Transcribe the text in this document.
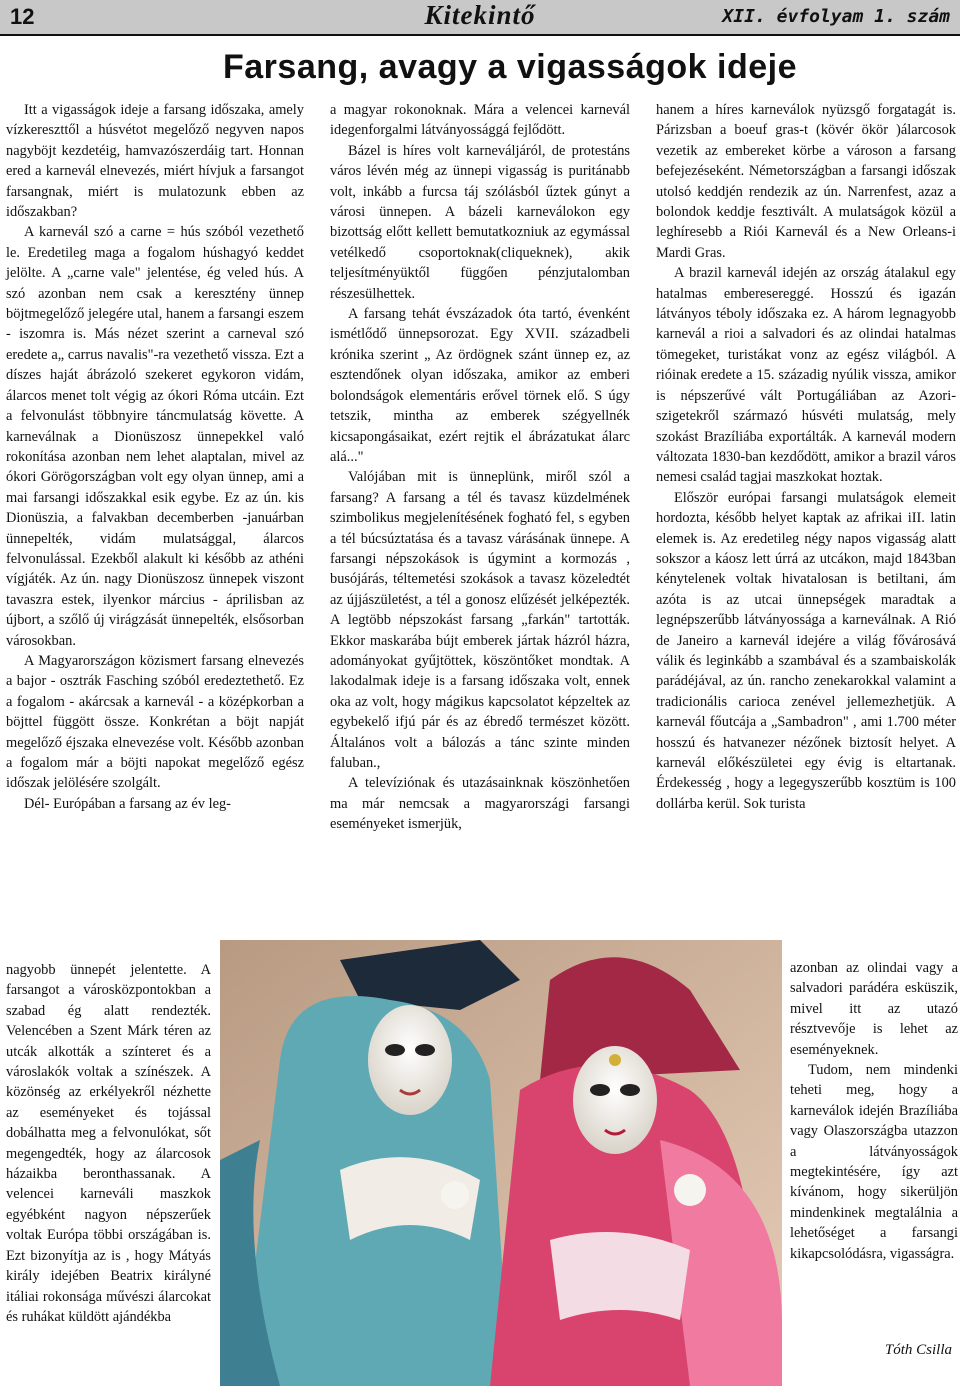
12	Kitekintő	XII. évfolyam 1. szám
Farsang, avagy a vigasságok ideje

Itt a vigasságok ideje a farsang időszaka, amely vízkereszttől a húsvétot megelőző negyven napos nagyböjt kezdetéig, hamvazószerdáig tart. Honnan ered a karnevál elnevezés, miért hívjuk a farsangot farsangnak, miért is mulatozunk ebben az időszakban?

A karnevál szó a carne = hús szóból vezethető le. Eredetileg maga a fogalom húshagyó keddet jelölte. A „carne vale" jelentése, ég veled hús. A szó azonban nem csak a keresztény ünnep böjtmegelőző jelegére utal, hanem a farsangi eszem - iszomra is. Más nézet szerint a carneval szó eredete a„ carrus navalis"-ra vezethető vissza. Ezt a díszes haját ábrázoló szekeret egykoron vidám, álarcos menet tolt végig az ókori Róma utcáin. Ezt a felvonulást többnyire táncmulatság követte. A karneválnak a Dionüszosz ünnepekkel való rokonítása azonban nem lehet alaptalan, mivel az ókori Görögországban volt egy olyan ünnep, ami a mai farsangi időszakkal esik egybe. Ez az ún. kis Dionüszia, a falvakban decemberben -januárban ünnepelték, vidám mulatsággal, álarcos felvonulással. Ezekből alakult ki később az athéni vígjáték. Az ún. nagy Dionüszosz ünnepek viszont tavaszra estek, ilyenkor március - áprilisban az újbort, a szőlő új virágzását ünnepelték, elsősorban városokban.

A Magyarországon közismert farsang elnevezés a bajor - osztrák Fasching szóból eredeztethető. Ez a fogalom - akárcsak a karnevál - a középkorban a böjttel függött össze. Konkrétan a böjt napját megelőző éjszaka elnevezése volt. Később azonban a fogalom már a böjti napokat megelőző egész időszak jelölésére szolgált.

Dél- Európában a farsang az év leg-

nagyobb ünnepét jelentette. A farsangot a városközpontokban a szabad ég alatt rendezték. Velencében a Szent Márk téren az utcák alkották a színteret és a városlakók voltak a színészek. A közönség az erkélyekről nézhette az eseményeket és tojással dobálhatta meg a felvonulókat, sőt megengedték, hogy az álarcosok házaikba beronthassanak. A velencei karneváli maszkok egyébként nagyon népszerűek voltak Európa többi országában is. Ezt bizonyítja az is , hogy Mátyás király idejében Beatrix királyné itáliai rokonsága művészi álarcokat és ruhákat küldött ajándékba

a magyar rokonoknak. Mára a velencei karnevál idegenforgalmi látványossággá fejlődött.

Bázel is híres volt karneváljáról, de protestáns város lévén még az ünnepi vigasság is puritánabb volt, inkább a furcsa táj szólásból űztek gúnyt a városi ünnepen. A bázeli karneválokon egy bizottság előtt kellett bemutatkozniuk az egymással vetélkedő csoportoknak(cliqueknek), akik teljesítményüktől függően pénzjutalomban részesülhettek.

A farsang tehát évszázadok óta tartó, évenként ismétlődő ünnepsorozat. Egy XVII. századbeli krónika szerint „ Az ördögnek szánt ünnep ez, az esztendőnek olyan időszaka, amikor az emberi bolondságok elementáris erővel törnek elő. S úgy tetszik, mintha az emberek szégyellnék kicsapongásaikat, ezért rejtik el ábrázatukat álarc alá..."

Valójában mit is ünneplünk, miről szól a farsang? A farsang a tél és tavasz küzdelmének szimbolikus megjelenítésének fogható fel, s egyben a tél búcsúztatása és a tavasz várásának ünnepe. A farsangi népszokások is úgymint a kormozás , busójárás, téltemetési szokások a tavasz közeledtét az újjászületést, a tél a gonosz elűzését jelképezték. A legtöbb népszokást farsang „farkán" tartották. Ekkor maskarába bújt emberek jártak házról házra, adományokat gyűjtöttek, köszöntőket mondtak. A lakodalmak ideje is a farsang időszaka volt, ennek oka az volt, hogy mágikus kapcsolatot képzeltek az egybekelő ifjú pár és az ébredő természet között. Általános volt a bálozás a tánc szinte minden faluban.,

A televíziónak és utazásainknak köszönhetően ma már nemcsak a magyarországi farsangi eseményeket ismerjük,

hanem a híres karneválok nyüzsgő forgatagát is. Párizsban a boeuf gras-t (kövér ökör )álarcosok vezetik az embereket körbe a városon a farsang befejezéseként. Németországban a farsangi időszak utolsó keddjén rendezik az ún. Narrenfest, azaz a bolondok keddje fesztivált. A mulatságok közül a leghíresebb a Riói Karnevál és a New Orleans-i Mardi Gras.

A brazil karnevál idején az ország átalakul egy hatalmas emberesereggé. Hosszú és igazán látványos téboly időszaka ez. A három legnagyobb karnevál a rioi a salvadori és az olindai hatalmas tömegeket, turistákat vonz az egész világból. A rióinak eredete a 15. századig nyúlik vissza, amikor is népszerűvé vált Portugáliában az Azori-szigetekről származó húsvéti mulatság, mely szokást Brazíliába exportálták. A karnevál modern változata 1830-ban kezdődött, amikor a brazil város nemesi család tagjai maszkokat hoztak.

Először európai farsangi mulatságok elemeit hordozta, később helyet kaptak az afrikai iII. latin elemek is. Az eredetileg négy napos vigasság alatt sokszor a káosz lett úrrá az utcákon, majd 1843ban kénytelenek voltak hivatalosan is betiltani, ám azóta is az utcai ünnepségek maradtak a legnépszerűbb látványossága a karneválnak. A Rió de Janeiro a karnevál idejére a világ fővárosává válik és leginkább a szambával és a szambaiskolák parádéjával, az ún. rancho zenekarokkal valamint a tradicionális carioca zenével jellemezhetjük. A karnevál főutcája a „Sambadron" , ami 1.700 méter hosszú és hatvanezer nézőnek biztosít helyet. A karnevál előkészületei egy évig is eltartanak. Érdekesség , hogy a legegyszerűbb kosztüm is 100 dollárba kerül. Sok turista

azonban az olindai vagy a salvadori parádéra esküszik, mivel itt az utazó résztvevője is lehet az eseményeknek.

Tudom, nem mindenki teheti meg, hogy a karneválok idején Brazíliába vagy Olaszországba utazzon a látványosságok megtekintésére, így azt kívánom, hogy sikerüljön mindenkinek megtalálnia a lehetőséget a farsangi kikapcsolódásra, vigasságra.

Tóth Csilla
